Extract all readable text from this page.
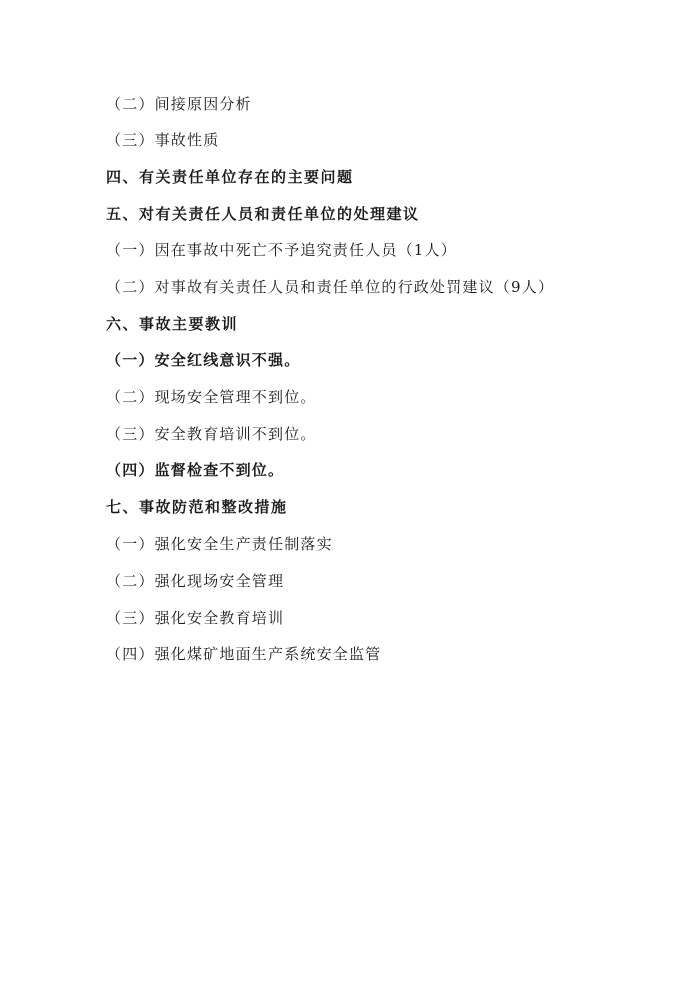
（二）间接原因分析
（三）事故性质
四、有关责任单位存在的主要问题
五、对有关责任人员和责任单位的处理建议
（一）因在事故中死亡不予追究责任人员（1人）
（二）对事故有关责任人员和责任单位的行政处罚建议（9人）
六、事故主要教训
（一）安全红线意识不强。
（二）现场安全管理不到位。
（三）安全教育培训不到位。
（四）监督检查不到位。
七、事故防范和整改措施
（一）强化安全生产责任制落实
（二）强化现场安全管理
（三）强化安全教育培训
（四）强化煤矿地面生产系统安全监管
